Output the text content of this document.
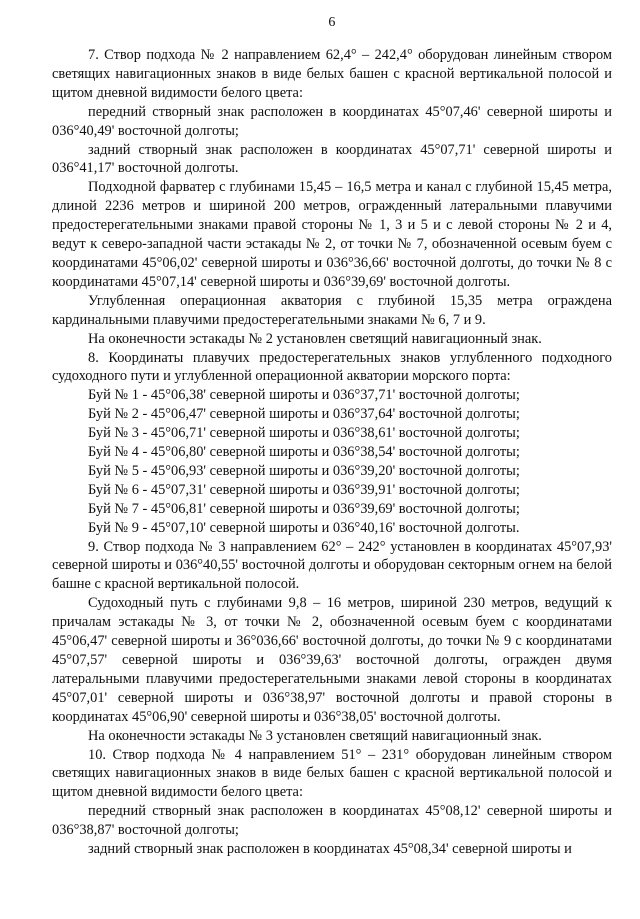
6

7. Створ подхода № 2 направлением 62,4° – 242,4° оборудован линейным створом светящих навигационных знаков в виде белых башен с красной вертикальной полосой и щитом дневной видимости белого цвета:

передний створный знак расположен в координатах 45°07,46' северной широты и 036°40,49' восточной долготы;

задний створный знак расположен в координатах 45°07,71' северной широты и 036°41,17' восточной долготы.

Подходной фарватер с глубинами 15,45 – 16,5 метра и канал с глубиной 15,45 метра, длиной 2236 метров и шириной 200 метров, огражденный латеральными плавучими предостерегательными знаками правой стороны № 1, 3 и 5 и с левой стороны № 2 и 4, ведут к северо-западной части эстакады № 2, от точки № 7, обозначенной осевым буем с координатами 45°06,02' северной широты и 036°36,66' восточной долготы, до точки № 8 с координатами 45°07,14' северной широты и 036°39,69' восточной долготы.

Углубленная операционная акватория с глубиной 15,35 метра ограждена кардинальными плавучими предостерегательными знаками № 6, 7 и 9.

На оконечности эстакады № 2 установлен светящий навигационный знак.

8. Координаты плавучих предостерегательных знаков углубленного подходного судоходного пути и углубленной операционной акватории морского порта:

Буй № 1 - 45°06,38' северной широты и 036°37,71' восточной долготы;

Буй № 2 - 45°06,47' северной широты и 036°37,64' восточной долготы;

Буй № 3 - 45°06,71' северной широты и 036°38,61' восточной долготы;

Буй № 4 - 45°06,80' северной широты и 036°38,54' восточной долготы;

Буй № 5 - 45°06,93' северной широты и 036°39,20' восточной долготы;

Буй № 6 - 45°07,31' северной широты и 036°39,91' восточной долготы;

Буй № 7 - 45°06,81' северной широты и 036°39,69' восточной долготы;

Буй № 9 - 45°07,10' северной широты и 036°40,16' восточной долготы.

9. Створ подхода № 3 направлением 62° – 242° установлен в координатах 45°07,93' северной широты и 036°40,55' восточной долготы и оборудован секторным огнем на белой башне с красной вертикальной полосой.

Судоходный путь с глубинами 9,8 – 16 метров, шириной 230 метров, ведущий к причалам эстакады № 3, от точки № 2, обозначенной осевым буем с координатами 45°06,47' северной широты и 36°036,66' восточной долготы, до точки № 9 с координатами 45°07,57' северной широты и 036°39,63' восточной долготы, огражден двумя латеральными плавучими предостерегательными знаками левой стороны в координатах 45°07,01' северной широты и 036°38,97' восточной долготы и правой стороны в координатах 45°06,90' северной широты и 036°38,05' восточной долготы.

На оконечности эстакады № 3 установлен светящий навигационный знак.

10. Створ подхода № 4 направлением 51° – 231° оборудован линейным створом светящих навигационных знаков в виде белых башен с красной вертикальной полосой и щитом дневной видимости белого цвета:

передний створный знак расположен в координатах 45°08,12' северной широты и 036°38,87' восточной долготы;

задний створный знак расположен в координатах 45°08,34' северной широты и
